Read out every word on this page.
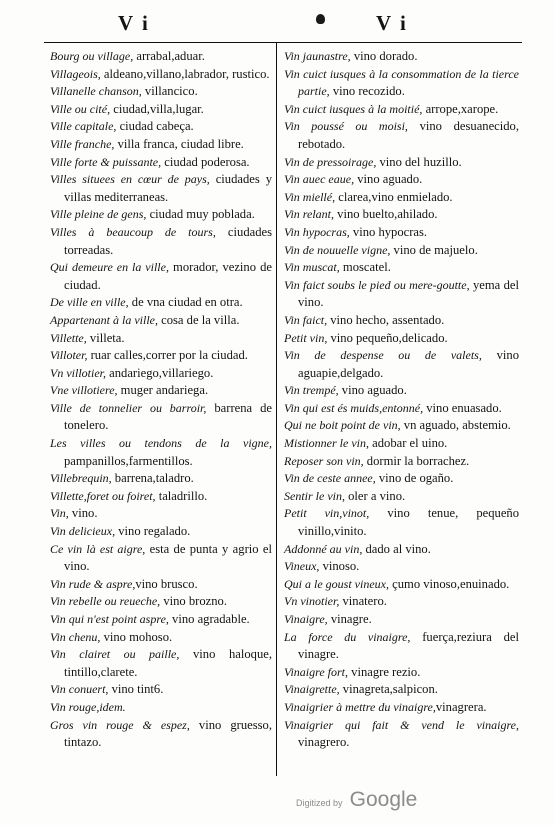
V i	V i

Bourg ou village, arrabal,aduar.

Villageois, aldeano,villano,labrador, rustico.

Villanelle chanson, villancico.

Ville ou cité, ciudad,villa,lugar.

Ville capitale, ciudad cabeça.

Ville franche, villa franca, ciudad libre.

Ville forte & puissante, ciudad poderosa.

Villes situees en cœur de pays, ciudades y villas mediterraneas.

Ville pleine de gens, ciudad muy poblada.

Villes à beaucoup de tours, ciudades torreadas.

Qui demeure en la ville, morador, vezino de ciudad.

De ville en ville, de vna ciudad en otra.

Appartenant à la ville, cosa de la villa.

Villette, villeta.

Villoter, ruar calles,correr por la ciudad.

Vn villotier, andariego,villariego.

Vne villotiere, muger andariega.

Ville de tonnelier ou barroir, barrena de tonelero.

Les villes ou tendons de la vigne, pampanillos,farmentillos.

Villebrequin, barrena,taladro.

Villette,foret ou foiret, taladrillo.

Vin, vino.

Vin delicieux, vino regalado.

Ce vin là est aigre, esta de punta y agrio el vino.

Vin rude & aspre,vino brusco.

Vin rebelle ou reueche, vino brozno.

Vin qui n'est point aspre, vino agradable.

Vin chenu, vino mohoso.

Vin clairet ou paille, vino haloque, tintillo,clarete.

Vin conuert, vino tint6.

Vin rouge,idem.

Gros vin rouge & espez, vino gruesso, tintazo.

Vin jaunastre, vino dorado.

Vin cuict iusques à la consommation de la tierce partie, vino recozido.

Vin cuict iusques à la moitié, arrope,xarope.

Vin poussé ou moisi, vino desuanecido, rebotado.

Vin de pressoirage, vino del huzillo.

Vin auec eaue, vino aguado.

Vin miellé, clarea,vino enmielado.

Vin relant, vino buelto,ahilado.

Vin hypocras, vino hypocras.

Vin de nouuelle vigne, vino de majuelo.

Vin muscat, moscatel.

Vin faict soubs le pied ou mere-goutte, yema del vino.

Vin faict, vino hecho, assentado.

Petit vin, vino pequeño,delicado.

Vin de despense ou de valets, vino aguapie,delgado.

Vin trempé, vino aguado.

Vin qui est és muids,entonné, vino enuasado.

Qui ne boit point de vin, vn aguado, abstemio.

Mistionner le vin, adobar el uino.

Reposer son vin, dormir la borrachez.

Vin de ceste annee, vino de ogaño.

Sentir le vin, oler a vino.

Petit vin,vinot, vino tenue, pequeño vinillo,vinito.

Addonné au vin, dado al vino.

Vineux, vinoso.

Qui a le goust vineux, çumo vinoso,enuinado.

Vn vinotier, vinatero.

Vinaigre, vinagre.

La force du vinaigre, fuerça,reziura del vinagre.

Vinaigre fort, vinagre rezio.

Vinaigrette, vinagreta,salpicon.

Vinaigrier à mettre du vinaigre,vinagrera.

Vinaigrier qui fait & vend le vinaigre, vinagrero.

Digitized by Google
